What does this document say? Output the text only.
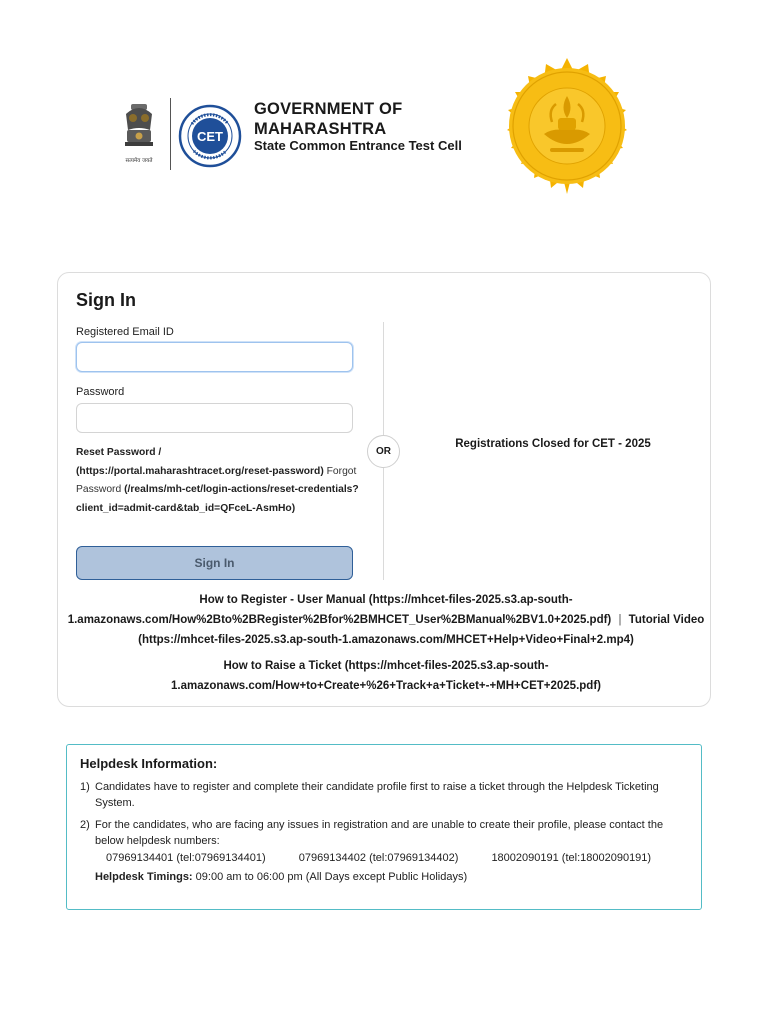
सत्यमेव जयते
CET
GOVERNMENT OF MAHARASHTRA
State Common Entrance Test Cell
Sign In
Registered Email ID
Password
Reset Password /
(https://portal.maharashtracet.org/reset-password) Forgot Password (/realms/mh-cet/login-actions/reset-credentials?client_id=admit-card&tab_id=QFceL-AsmHo)
Sign In
OR
Registrations Closed for CET - 2025
How to Register - User Manual (https://mhcet-files-2025.s3.ap-south-1.amazonaws.com/How%2Bto%2BRegister%2Bfor%2BMHCET_User%2BManual%2BV1.0+2025.pdf) | Tutorial Video (https://mhcet-files-2025.s3.ap-south-1.amazonaws.com/MHCET+Help+Video+Final+2.mp4)
How to Raise a Ticket (https://mhcet-files-2025.s3.ap-south-1.amazonaws.com/How+to+Create+%26+Track+a+Ticket+-+MH+CET+2025.pdf)
Helpdesk Information:
1) Candidates have to register and complete their candidate profile first to raise a ticket through the Helpdesk Ticketing System.
2) For the candidates, who are facing any issues in registration and are unable to create their profile, please contact the below helpdesk numbers:
07969134401 (tel:07969134401)	07969134402 (tel:07969134402)	18002090191 (tel:18002090191)
Helpdesk Timings: 09:00 am to 06:00 pm (All Days except Public Holidays)
